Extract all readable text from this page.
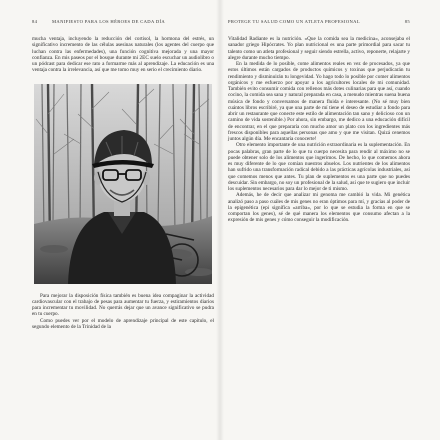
84	MANIFIESTO PARA LOS HÉROES DE CADA DÍA

mucha ventaja, incluyendo la reducción del cortisol, la hormona del estrés, un significativo incremento de las células asesinas naturales (los agentes del cuerpo que luchan contra las enfermedades), una función cognitiva mejorada y una mayor confianza. En mis paseos por el bosque durante mi 2EC suelo escuchar un audiolibro o un pódcast para dedicar ese rato a formarme más al aprendizaje. La educación es una ventaja contra la irrelevancia, así que me tomo muy en serio el crecimiento diario.

Para mejorar la disposición física también es buena idea compaginar la actividad cardiovascular con el trabajo de pesas para aumentar tu fuerza, y estiramientos diarios para incrementar tu movilidad. No querrás dejar que un avance significativo se pudra en tu cuerpo.

Como puedes ver por el modelo de aprendizaje principal de este capítulo, el segundo elemento de la Trinidad de la

PROTEGE TU SALUD COMO UN ATLETA PROFESIONAL	85

Vitalidad Radiante es la nutrición. «Que la comida sea la medicina», aconsejaba el sanador griego Hipócrates. Yo plan nutricional es una parte primordial para sacar tu talento como un atleta profesional y seguir siendo estrella, activo, reponerte, relajarte y alegre durante mucho tiempo.

En la medida de lo posible, come alimentos reales en vez de procesados, ya que estos últimos están cargados de productos químicos y toxinas que perjudicarán tu rendimiento y disminuirán tu longevidad. Yo hago todo lo posible por comer alimentos orgánicos y me esfuerzo por apoyar a los agricultores locales de mi comunidad. También evito consumir comida con rellenos más dotes culinarias para que así, cuando cocino, la comida sea sana y natural preparada en casa, a menudo mientras suena buena música de fondo y conversamos de manera fluida e interesante. (No sé muy bien cuántos libros escribiré, ya que una parte de mí tiene el deseo de estudiar a fondo para abrir un restaurante que conecte este estilo de alimentación tan sano y delicioso con un camino de vida sostenible.) Por ahora, sin embargo, me dedico a una educación difícil de encontrar, en el que prepararía con mucho amor un plato con los ingredientes más frescos disponibles para aquellas personas que amo y que me visitan. Quizá cenemos juntos algún día. Me encantaría conocerte!

Otro elemento importante de una nutrición extraordinaria es la suplementación. En pocas palabras, gran parte de lo que tu cuerpo necesita para rendir al máximo no se puede obtener solo de los alimentos que ingerimos. De hecho, lo que comemos ahora es muy diferente de lo que comían nuestros abuelos. Los nutrientes de los alimentos han sufrido una transformación radical debido a las prácticas agrícolas industriales, así que comemos menos que antes. Tu plan de suplementos es una parte que no puedes descuidar. Sin embargo, no soy un profesional de la salud, así que te sugiero que incluir los suplementos necesarios para dar lo mejor de ti mismo.

Además, he de decir que analizar mi genoma me cambió la vida. Mi genética analizó paso a paso cuáles de mis genes no eran óptimos para mí, y gracias al poder de la epigenética (epi significa «arriba», por lo que se estudia la forma en que se comportan los genes), sé de qué manera los elementos que consumo afectan a la expresión de mis genes y cómo conseguir la modificación.
